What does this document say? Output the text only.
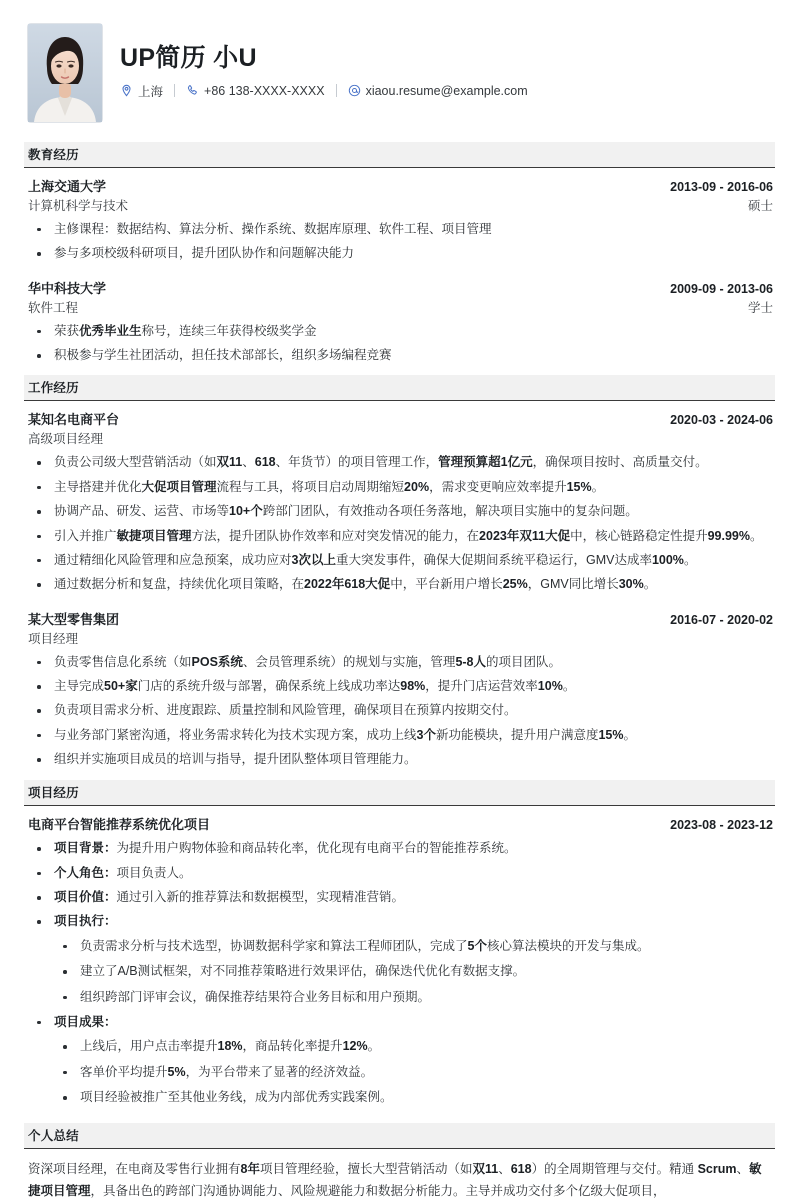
UP简历 小U
上海	+86 138-XXXX-XXXX	xiaou.resume@example.com
教育经历
上海交通大学	2013-09 - 2016-06
计算机科学与技术	硕士
主修课程：数据结构、算法分析、操作系统、数据库原理、软件工程、项目管理
参与多项校级科研项目，提升团队协作和问题解决能力
华中科技大学	2009-09 - 2013-06
软件工程	学士
荣获优秀毕业生称号，连续三年获得校级奖学金
积极参与学生社团活动，担任技术部部长，组织多场编程竞赛
工作经历
某知名电商平台	2020-03 - 2024-06
高级项目经理
负责公司级大型营销活动（如双11、618、年货节）的项目管理工作，管理预算超1亿元，确保项目按时、高质量交付。
主导搭建并优化大促项目管理流程与工具，将项目启动周期缩短20%，需求变更响应效率提升15%。
协调产品、研发、运营、市场等10+个跨部门团队，有效推动各项任务落地，解决项目实施中的复杂问题。
引入并推广敏捷项目管理方法，提升团队协作效率和应对突发情况的能力，在2023年双11大促中，核心链路稳定性提升99.99%。
通过精细化风险管理和应急预案，成功应对3次以上重大突发事件，确保大促期间系统平稳运行，GMV达成率100%。
通过数据分析和复盘，持续优化项目策略，在2022年618大促中，平台新用户增长25%，GMV同比增长30%。
某大型零售集团	2016-07 - 2020-02
项目经理
负责零售信息化系统（如POS系统、会员管理系统）的规划与实施，管理5-8人的项目团队。
主导完成50+家门店的系统升级与部署，确保系统上线成功率达98%，提升门店运营效率10%。
负责项目需求分析、进度跟踪、质量控制和风险管理，确保项目在预算内按期交付。
与业务部门紧密沟通，将业务需求转化为技术实现方案，成功上线3个新功能模块，提升用户满意度15%。
组织并实施项目成员的培训与指导，提升团队整体项目管理能力。
项目经历
电商平台智能推荐系统优化项目	2023-08 - 2023-12
项目背景：为提升用户购物体验和商品转化率，优化现有电商平台的智能推荐系统。
个人角色：项目负责人。
项目价值：通过引入新的推荐算法和数据模型，实现精准营销。
项目执行：
负责需求分析与技术选型，协调数据科学家和算法工程师团队，完成了5个核心算法模块的开发与集成。
建立了A/B测试框架，对不同推荐策略进行效果评估，确保迭代优化有数据支撑。
组织跨部门评审会议，确保推荐结果符合业务目标和用户预期。
项目成果：
上线后，用户点击率提升18%，商品转化率提升12%。
客单价平均提升5%，为平台带来了显著的经济效益。
项目经验被推广至其他业务线，成为内部优秀实践案例。
个人总结
资深项目经理，在电商及零售行业拥有8年项目管理经验，擅长大型营销活动（如双11、618）的全周期管理与交付。精通 Scrum、敏捷项目管理，具备出色的跨部门沟通协调能力、风险规避能力和数据分析能力。主导并成功交付多个亿级大促项目，
